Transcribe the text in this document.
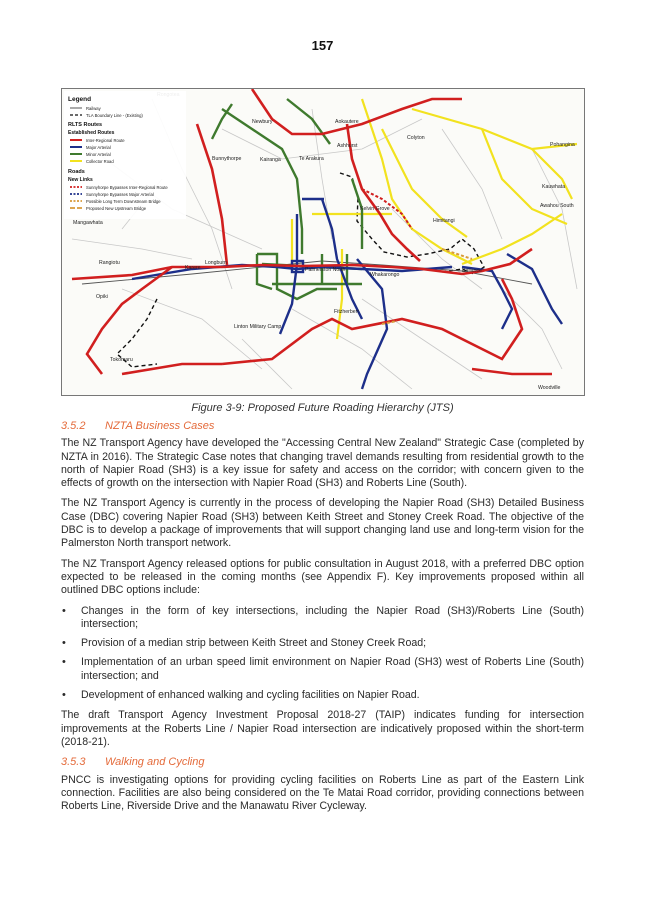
157
Newbury	Aokautere
Ashhurst
Colyton
Pohangina
Bunnythorpe	Kairanga	Te Arakura
Kauwhata
Awahou South
Kelvin Grove
Himitangi
Mangawhata
Rangiotu	Longburn
Karere	Palmerston North
Whakarongo
Fitzherbert
Opiki
Linton Military Camp
Tokomaru
Woodville
Ballance
Legend
Railway
TLA Boundary Line - (Existing)
RLTS Routes
Established Routes
Inter-Regional Route
Major Arterial
Minor Arterial
Collector Road
Roads
New Links
Sunnyhorpe Bypasses Inter-Regional Route
Sunnyhorpe Bypasses Major Arterial
Possible Long Term Downstream Bridge
Proposed New Upstream Bridge
Figure 3-9: Proposed Future Roading Hierarchy (JTS)
3.5.2 NZTA Business Cases

The NZ Transport Agency have developed the "Accessing Central New Zealand" Strategic Case (completed by NZTA in 2016). The Strategic Case notes that changing travel demands resulting from residential growth to the north of Napier Road (SH3) is a key issue for safety and access on the corridor; with concern given to the effects of growth on the intersection with Napier Road (SH3) and Roberts Line (South).

The NZ Transport Agency is currently in the process of developing the Napier Road (SH3) Detailed Business Case (DBC) covering Napier Road (SH3) between Keith Street and Stoney Creek Road. The objective of the DBC is to develop a package of improvements that will support changing land use and long-term vision for the Palmerston North transport network.

The NZ Transport Agency released options for public consultation in August 2018, with a preferred DBC option expected to be released in the coming months (see Appendix F). Key improvements proposed within all outlined DBC options include:

• Changes in the form of key intersections, including the Napier Road (SH3)/Roberts Line (South) intersection;
• Provision of a median strip between Keith Street and Stoney Creek Road;
• Implementation of an urban speed limit environment on Napier Road (SH3) west of Roberts Line (South) intersection; and
• Development of enhanced walking and cycling facilities on Napier Road.

The draft Transport Agency Investment Proposal 2018-27 (TAIP) indicates funding for intersection improvements at the Roberts Line / Napier Road intersection are indicatively proposed within the short-term (2018-21).

3.5.3 Walking and Cycling

PNCC is investigating options for providing cycling facilities on Roberts Line as part of the Eastern Link connection. Facilities are also being considered on the Te Matai Road corridor, providing connections between Roberts Line, Riverside Drive and the Manawatu River Cycleway.
